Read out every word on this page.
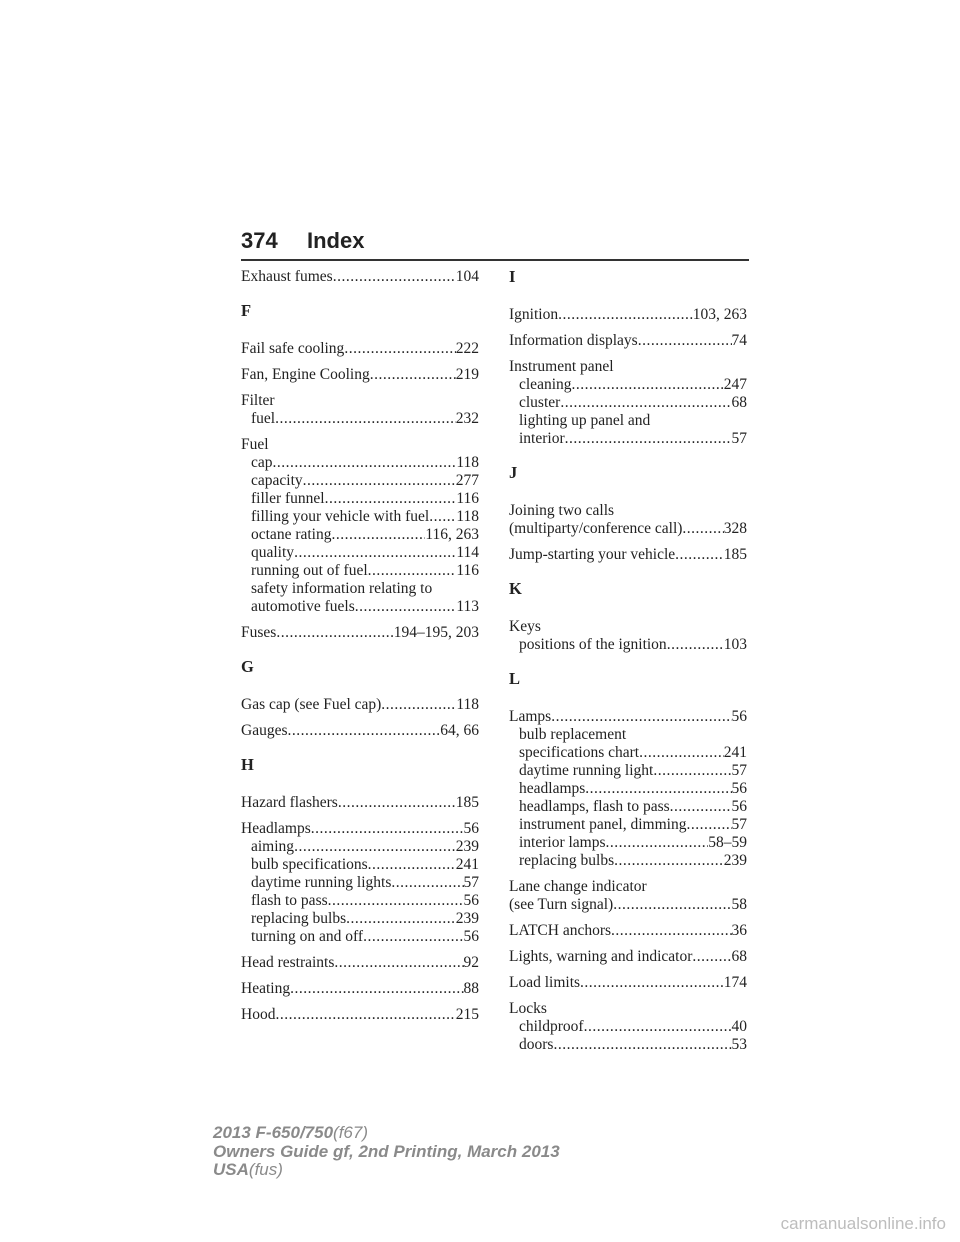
374 Index
Exhaust fumes .....	104
F
Fail safe cooling .....	222
Fan, Engine Cooling .....	219
Filter
fuel .....	232
Fuel
cap .....	118
capacity .....	277
filler funnel .....	116
filling your vehicle with fuel ..... 118
octane rating .....	116, 263
quality .....	114
running out of fuel .....	116
safety information relating to
automotive fuels .....	113
Fuses .....	194–195, 203
G
Gas cap (see Fuel cap) .....	118
Gauges .....	64, 66
H
Hazard flashers .....	185
Headlamps .....	56
aiming .....	239
bulb specifications .....	241
daytime running lights .....	57
flash to pass .....	56
replacing bulbs .....	239
turning on and off .....	56
Head restraints .....	92
Heating .....	88
Hood .....	215
I
Ignition .....	103, 263
Information displays .....	74
Instrument panel
cleaning .....	247
cluster .....	68
lighting up panel and
interior .....	57
J
Joining two calls
(multiparty/conference call) .....	328
Jump-starting your vehicle .....	185
K
Keys
positions of the ignition .....	103
L
Lamps .....	56
bulb replacement
specifications chart .....	241
daytime running light .....	57
headlamps .....	56
headlamps, flash to pass .....	56
instrument panel, dimming .....	57
interior lamps .....	58–59
replacing bulbs .....	239
Lane change indicator
(see Turn signal) .....	58
LATCH anchors .....	36
Lights, warning and indicator .....	68
Load limits .....	174
Locks
childproof .....	40
doors .....	53
2013 F-650/750(f67)
Owners Guide gf, 2nd Printing, March 2013
USA(fus)
carmanualsonline.info
